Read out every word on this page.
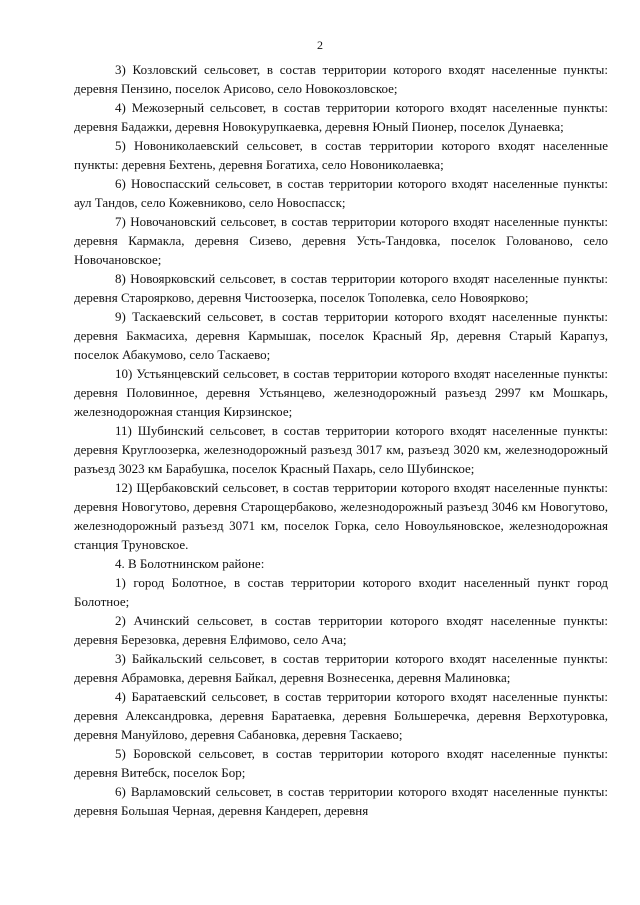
2

3) Козловский сельсовет, в состав территории которого входят населенные пункты: деревня Пензино, поселок Арисово, село Новокозловское;

4) Межозерный сельсовет, в состав территории которого входят населенные пункты: деревня Бадажки, деревня Новокурупкаевка, деревня Юный Пионер, поселок Дунаевка;

5) Новониколаевский сельсовет, в состав территории которого входят населенные пункты: деревня Бехтень, деревня Богатиха, село Новониколаевка;

6) Новоспасский сельсовет, в состав территории которого входят населенные пункты: аул Тандов, село Кожевниково, село Новоспасск;

7) Новочановский сельсовет, в состав территории которого входят населенные пункты: деревня Кармакла, деревня Сизево, деревня Усть-Тандовка, поселок Голованово, село Новочановское;

8) Новоярковский сельсовет, в состав территории которого входят населенные пункты: деревня Староярково, деревня Чистоозерка, поселок Тополевка, село Новоярково;

9) Таскаевский сельсовет, в состав территории которого входят населенные пункты: деревня Бакмасиха, деревня Кармышак, поселок Красный Яр, деревня Старый Карапуз, поселок Абакумово, село Таскаево;

10) Устьянцевский сельсовет, в состав территории которого входят населенные пункты: деревня Половинное, деревня Устьянцево, железнодорожный разъезд 2997 км Мошкарь, железнодорожная станция Кирзинское;

11) Шубинский сельсовет, в состав территории которого входят населенные пункты: деревня Круглоозерка, железнодорожный разъезд 3017 км, разъезд 3020 км, железнодорожный разъезд 3023 км Барабушка, поселок Красный Пахарь, село Шубинское;

12) Щербаковский сельсовет, в состав территории которого входят населенные пункты: деревня Новогутово, деревня Старощербаково, железнодорожный разъезд 3046 км Новогутово, железнодорожный разъезд 3071 км, поселок Горка, село Новоульяновское, железнодорожная станция Труновское.

4. В Болотнинском районе:

1) город Болотное, в состав территории которого входит населенный пункт город Болотное;

2) Ачинский сельсовет, в состав территории которого входят населенные пункты: деревня Березовка, деревня Елфимово, село Ача;

3) Байкальский сельсовет, в состав территории которого входят населенные пункты: деревня Абрамовка, деревня Байкал, деревня Вознесенка, деревня Малиновка;

4) Баратаевский сельсовет, в состав территории которого входят населенные пункты: деревня Александровка, деревня Баратаевка, деревня Большеречка, деревня Верхотуровка, деревня Мануйлово, деревня Сабановка, деревня Таскаево;

5) Боровской сельсовет, в состав территории которого входят населенные пункты: деревня Витебск, поселок Бор;

6) Варламовский сельсовет, в состав территории которого входят населенные пункты: деревня Большая Черная, деревня Кандереп, деревня
